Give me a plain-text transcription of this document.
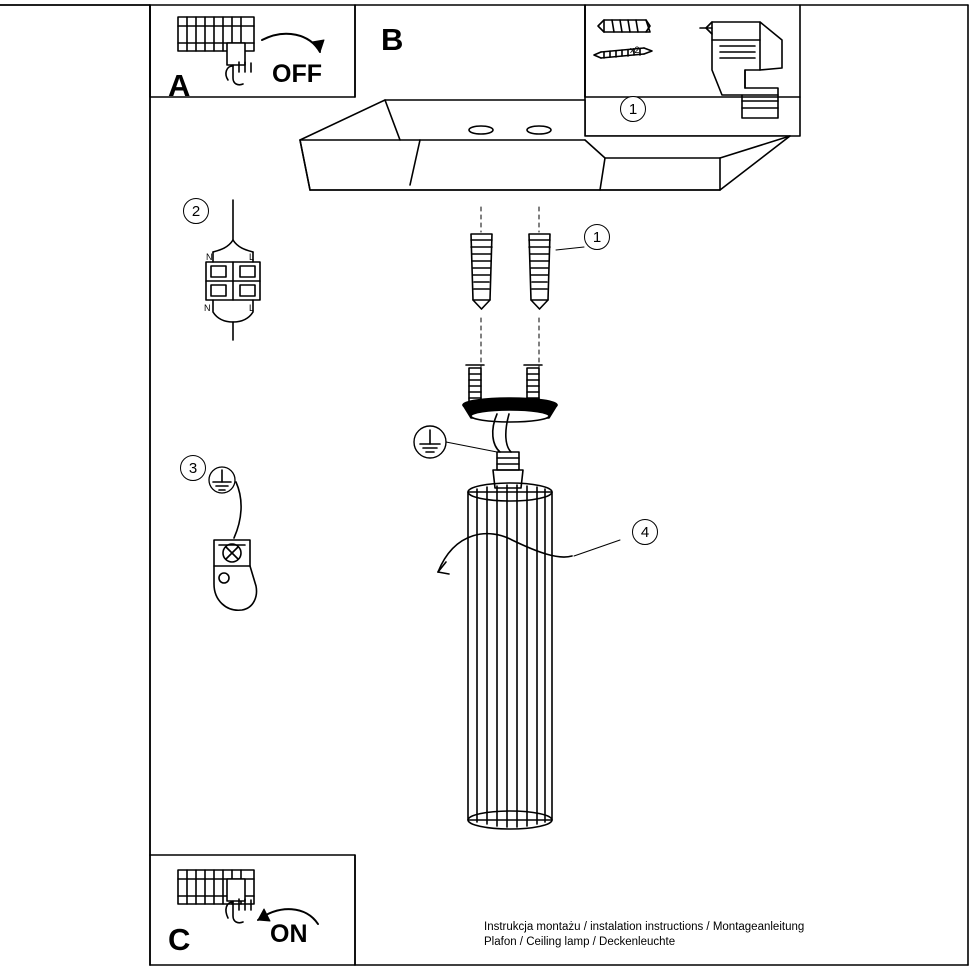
A	OFF
B
C	ON
x2
1
2
3
1
4
N	L
N	L
Instrukcja montażu / instalation instructions / Montageanleitung
Plafon / Ceiling lamp / Deckenleuchte
